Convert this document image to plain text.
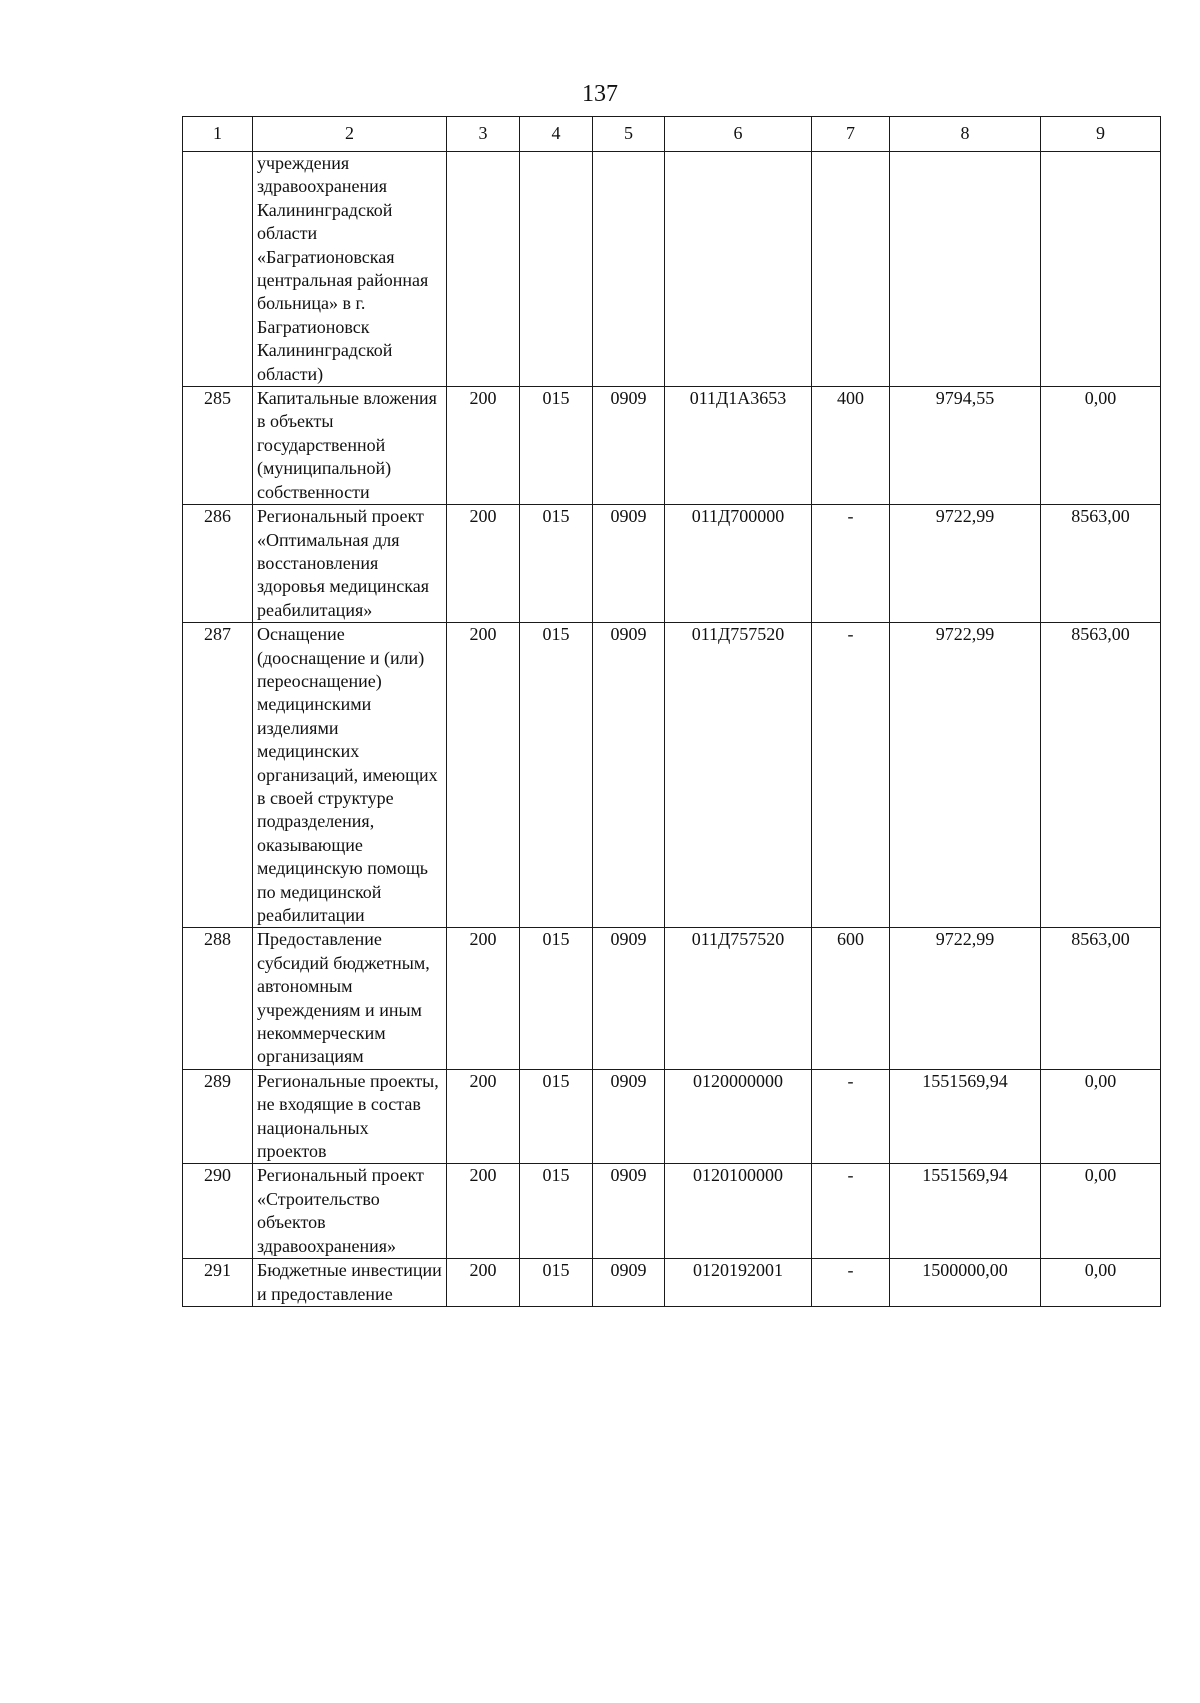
137
1	2	3	4	5	6	7	8	9
	учреждения здравоохранения Калининградской области «Багратионовская центральная районная больница» в г. Багратионовск Калининградской области)							
285	Капитальные вложения в объекты государственной (муниципальной) собственности	200	015	0909	011Д1А3653	400	9794,55	0,00
286	Региональный проект «Оптимальная для восстановления здоровья медицинская реабилитация»	200	015	0909	011Д700000	-	9722,99	8563,00
287	Оснащение (дооснащение и (или) переоснащение) медицинскими изделиями медицинских организаций, имеющих в своей структуре подразделения, оказывающие медицинскую помощь по медицинской реабилитации	200	015	0909	011Д757520	-	9722,99	8563,00
288	Предоставление субсидий бюджетным, автономным учреждениям и иным некоммерческим организациям	200	015	0909	011Д757520	600	9722,99	8563,00
289	Региональные проекты, не входящие в состав национальных проектов	200	015	0909	0120000000	-	1551569,94	0,00
290	Региональный проект «Строительство объектов здравоохранения»	200	015	0909	0120100000	-	1551569,94	0,00
291	Бюджетные инвестиции и предоставление	200	015	0909	0120192001	-	1500000,00	0,00
